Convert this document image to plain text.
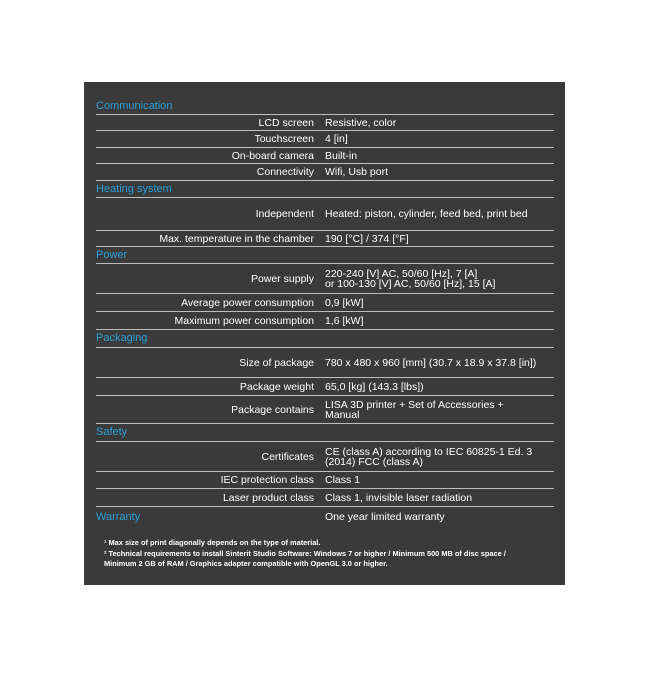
Communication
LCD screen	Resistive, color
Touchscreen	4 [in]
On-board camera	Built-in
Connectivity	Wifi, Usb port
Heating system
Independent	Heated: piston, cylinder, feed bed, print bed
Max. temperature in the chamber	190 [°C] / 374 [°F]
Power
Power supply	220-240 [V] AC, 50/60 [Hz], 7 [A]
or 100-130 [V] AC, 50/60 [Hz], 15 [A]
Average power consumption	0,9 [kW]
Maximum power consumption	1,6 [kW]
Packaging
Size of package	780 x 480 x 960 [mm] (30.7 x 18.9 x 37.8 [in])
Package weight	65,0 [kg] (143.3 [lbs])
Package contains	LISA 3D printer + Set of Accessories +
Manual
Safety
Certificates	CE (class A) according to IEC 60825-1 Ed. 3
(2014) FCC (class A)
IEC protection class	Class 1
Laser product class	Class 1, invisible laser radiation
Warranty	One year limited warranty
¹ Max size of print diagonally depends on the type of material.
² Technical requirements to install Sinterit Studio Software: Windows 7 or higher / Minimum 500 MB of disc space /
Minimum 2 GB of RAM / Graphics adapter compatible with OpenGL 3.0 or higher.
